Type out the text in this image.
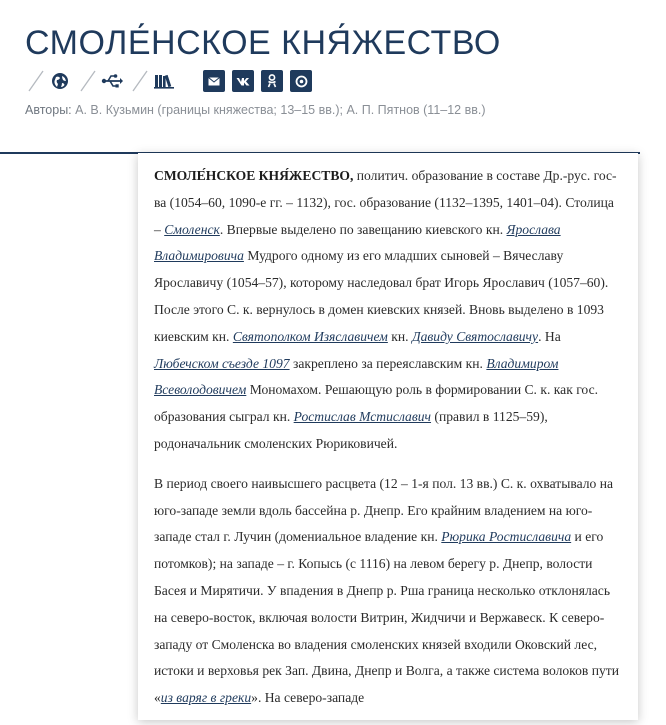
СМОЛЕ́НСКОЕ КНЯ́ЖЕСТВО
Авторы: А. В. Кузьмин (границы княжества; 13–15 вв.); А. П. Пятнов (11–12 вв.)

СМОЛЕ́НСКОЕ КНЯ́ЖЕСТВО, политич. образование в составе Др.-рус. гос-ва (1054–60, 1090-е гг. – 1132), гос. образование (1132–1395, 1401–04). Столица – Смоленск. Впервые выделено по завещанию киевского кн. Ярослава Владимировича Мудрого одному из его младших сыновей – Вячеславу Ярославичу (1054–57), которому наследовал брат Игорь Ярославич (1057–60). После этого С. к. вернулось в домен киевских князей. Вновь выделено в 1093 киевским кн. Святополком Изяславичем кн. Давиду Святославичу. На Любечском съезде 1097 закреплено за переяславским кн. Владимиром Всеволодовичем Мономахом. Решающую роль в формировании С. к. как гос. образования сыграл кн. Ростислав Мстиславич (правил в 1125–59), родоначальник смоленских Рюриковичей.

В период своего наивысшего расцвета (12 – 1-я пол. 13 вв.) С. к. охватывало на юго-западе земли вдоль бассейна р. Днепр. Его крайним владением на юго-западе стал г. Лучин (домениальное владение кн. Рюрика Ростиславича и его потомков); на западе – г. Копысь (с 1116) на левом берегу р. Днепр, волости Басея и Мирятичи. У впадения в Днепр р. Рша граница несколько отклонялась на северо-восток, включая волости Витрин, Жидчичи и Вержавеск. К северо-западу от Смоленска во владения смоленских князей входили Оковский лес, истоки и верховья рек Зап. Двина, Днепр и Волга, а также система волоков пути «из варяг в греки». На северо-западе
